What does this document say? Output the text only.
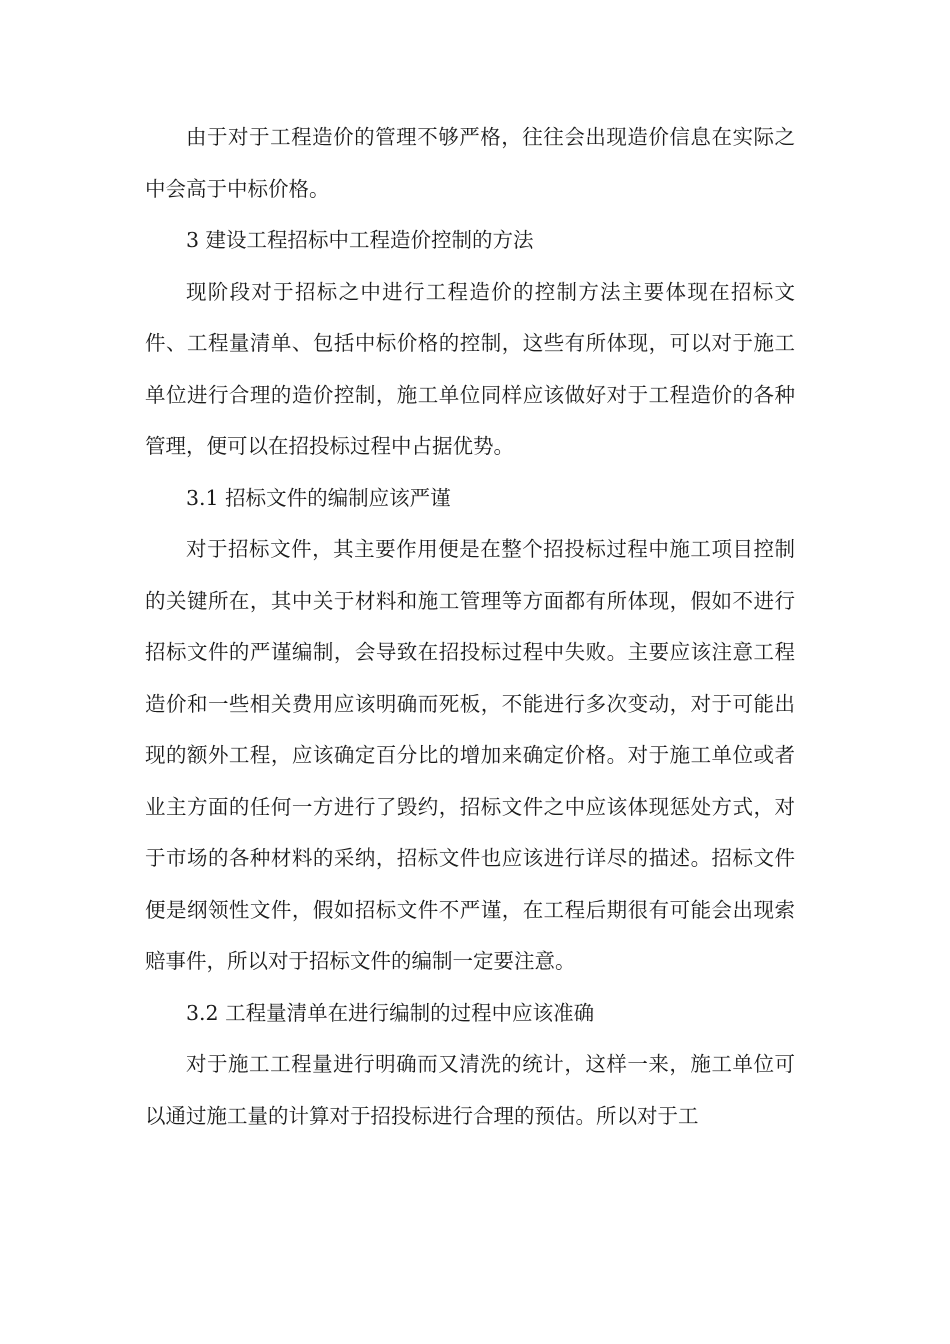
由于对于工程造价的管理不够严格，往往会出现造价信息在实际之中会高于中标价格。

3 建设工程招标中工程造价控制的方法

现阶段对于招标之中进行工程造价的控制方法主要体现在招标文件、工程量清单、包括中标价格的控制，这些有所体现，可以对于施工单位进行合理的造价控制，施工单位同样应该做好对于工程造价的各种管理，便可以在招投标过程中占据优势。

3.1 招标文件的编制应该严谨

对于招标文件，其主要作用便是在整个招投标过程中施工项目控制的关键所在，其中关于材料和施工管理等方面都有所体现，假如不进行招标文件的严谨编制，会导致在招投标过程中失败。主要应该注意工程造价和一些相关费用应该明确而死板，不能进行多次变动，对于可能出现的额外工程，应该确定百分比的增加来确定价格。对于施工单位或者业主方面的任何一方进行了毁约，招标文件之中应该体现惩处方式，对于市场的各种材料的采纳，招标文件也应该进行详尽的描述。招标文件便是纲领性文件，假如招标文件不严谨，在工程后期很有可能会出现索赔事件，所以对于招标文件的编制一定要注意。

3.2 工程量清单在进行编制的过程中应该准确

对于施工工程量进行明确而又清洗的统计，这样一来，施工单位可以通过施工量的计算对于招投标进行合理的预估。所以对于工
